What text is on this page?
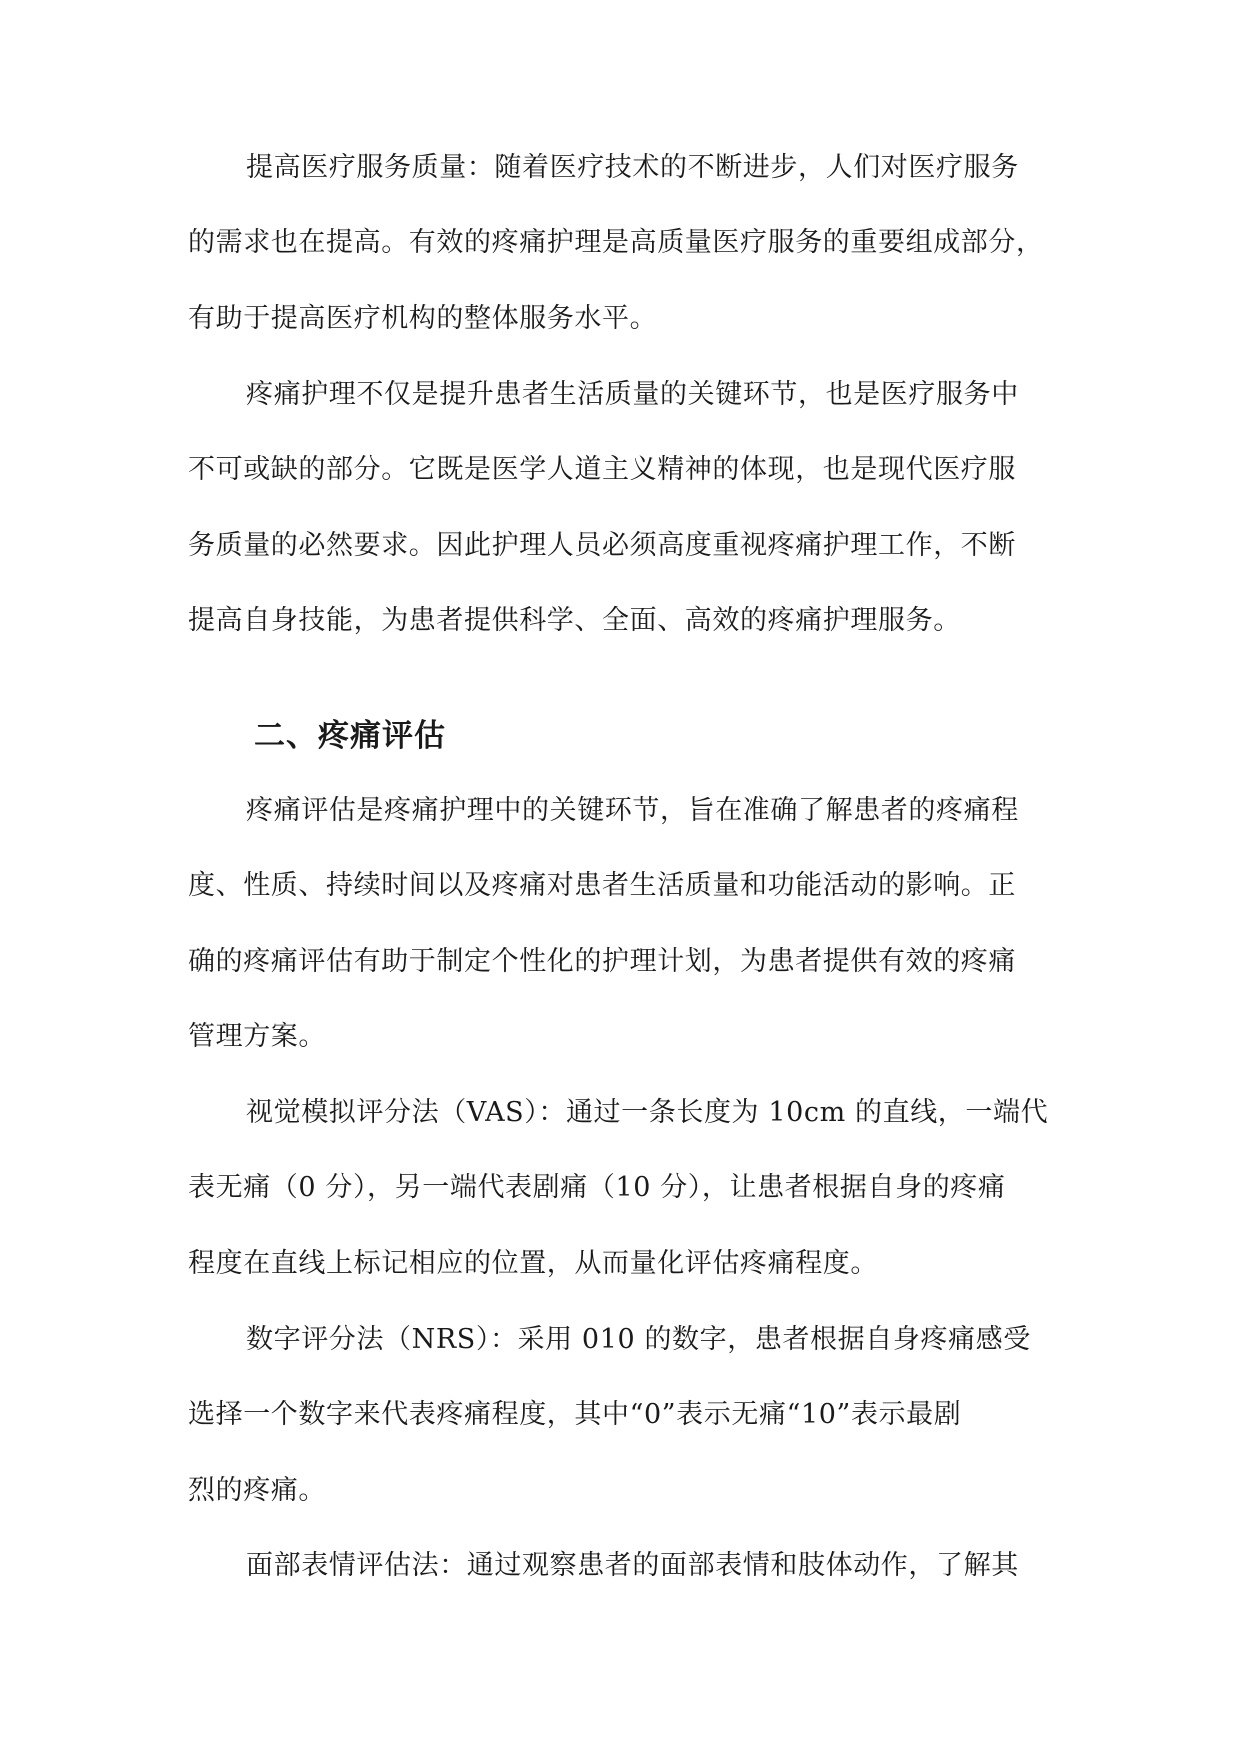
提高医疗服务质量：随着医疗技术的不断进步，人们对医疗服务
的需求也在提高。有效的疼痛护理是高质量医疗服务的重要组成部分，
有助于提高医疗机构的整体服务水平。
疼痛护理不仅是提升患者生活质量的关键环节，也是医疗服务中
不可或缺的部分。它既是医学人道主义精神的体现，也是现代医疗服
务质量的必然要求。因此护理人员必须高度重视疼痛护理工作，不断
提高自身技能，为患者提供科学、全面、高效的疼痛护理服务。
二、疼痛评估
疼痛评估是疼痛护理中的关键环节，旨在准确了解患者的疼痛程
度、性质、持续时间以及疼痛对患者生活质量和功能活动的影响。正
确的疼痛评估有助于制定个性化的护理计划，为患者提供有效的疼痛
管理方案。
视觉模拟评分法（VAS）：通过一条长度为 10cm 的直线，一端代
表无痛（0 分），另一端代表剧痛（10 分），让患者根据自身的疼痛
程度在直线上标记相应的位置，从而量化评估疼痛程度。
数字评分法（NRS）：采用 010 的数字，患者根据自身疼痛感受
选择一个数字来代表疼痛程度，其中“0”表示无痛“10”表示最剧
烈的疼痛。
面部表情评估法：通过观察患者的面部表情和肢体动作，了解其
